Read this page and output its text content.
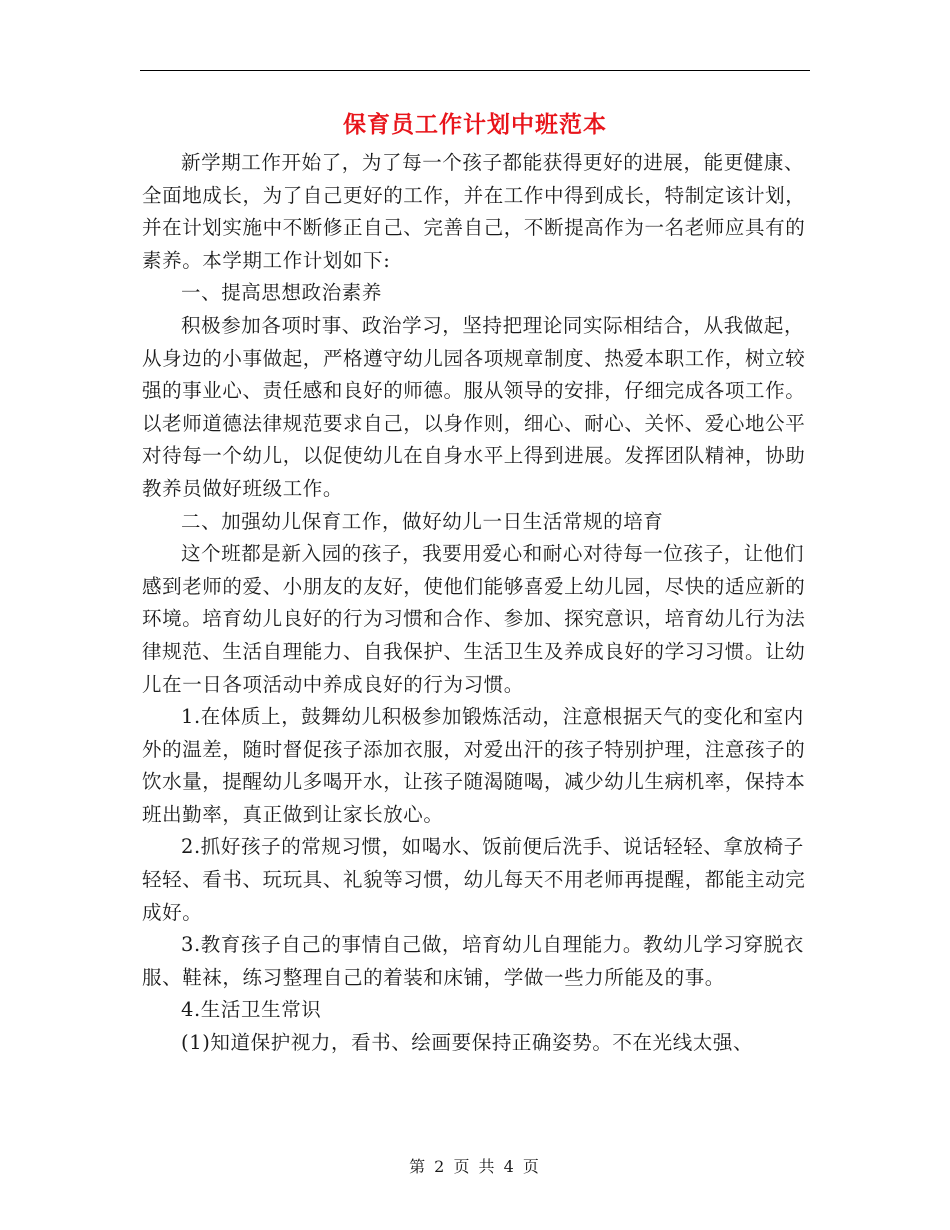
保育员工作计划中班范本

新学期工作开始了，为了每一个孩子都能获得更好的进展，能更健康、全面地成长，为了自己更好的工作，并在工作中得到成长，特制定该计划，并在计划实施中不断修正自己、完善自己，不断提高作为一名老师应具有的素养。本学期工作计划如下:

一、提高思想政治素养

积极参加各项时事、政治学习，坚持把理论同实际相结合，从我做起，从身边的小事做起，严格遵守幼儿园各项规章制度、热爱本职工作，树立较强的事业心、责任感和良好的师德。服从领导的安排，仔细完成各项工作。以老师道德法律规范要求自己，以身作则，细心、耐心、关怀、爱心地公平对待每一个幼儿，以促使幼儿在自身水平上得到进展。发挥团队精神，协助教养员做好班级工作。

二、加强幼儿保育工作，做好幼儿一日生活常规的培育

这个班都是新入园的孩子，我要用爱心和耐心对待每一位孩子，让他们感到老师的爱、小朋友的友好，使他们能够喜爱上幼儿园，尽快的适应新的环境。培育幼儿良好的行为习惯和合作、参加、探究意识，培育幼儿行为法律规范、生活自理能力、自我保护、生活卫生及养成良好的学习习惯。让幼儿在一日各项活动中养成良好的行为习惯。

1.在体质上，鼓舞幼儿积极参加锻炼活动，注意根据天气的变化和室内外的温差，随时督促孩子添加衣服，对爱出汗的孩子特别护理，注意孩子的饮水量，提醒幼儿多喝开水，让孩子随渴随喝，减少幼儿生病机率，保持本班出勤率，真正做到让家长放心。

2.抓好孩子的常规习惯，如喝水、饭前便后洗手、说话轻轻、拿放椅子轻轻、看书、玩玩具、礼貌等习惯，幼儿每天不用老师再提醒，都能主动完成好。

3.教育孩子自己的事情自己做，培育幼儿自理能力。教幼儿学习穿脱衣服、鞋袜，练习整理自己的着装和床铺，学做一些力所能及的事。

4.生活卫生常识

(1)知道保护视力，看书、绘画要保持正确姿势。不在光线太强、

第 2 页 共 4 页
